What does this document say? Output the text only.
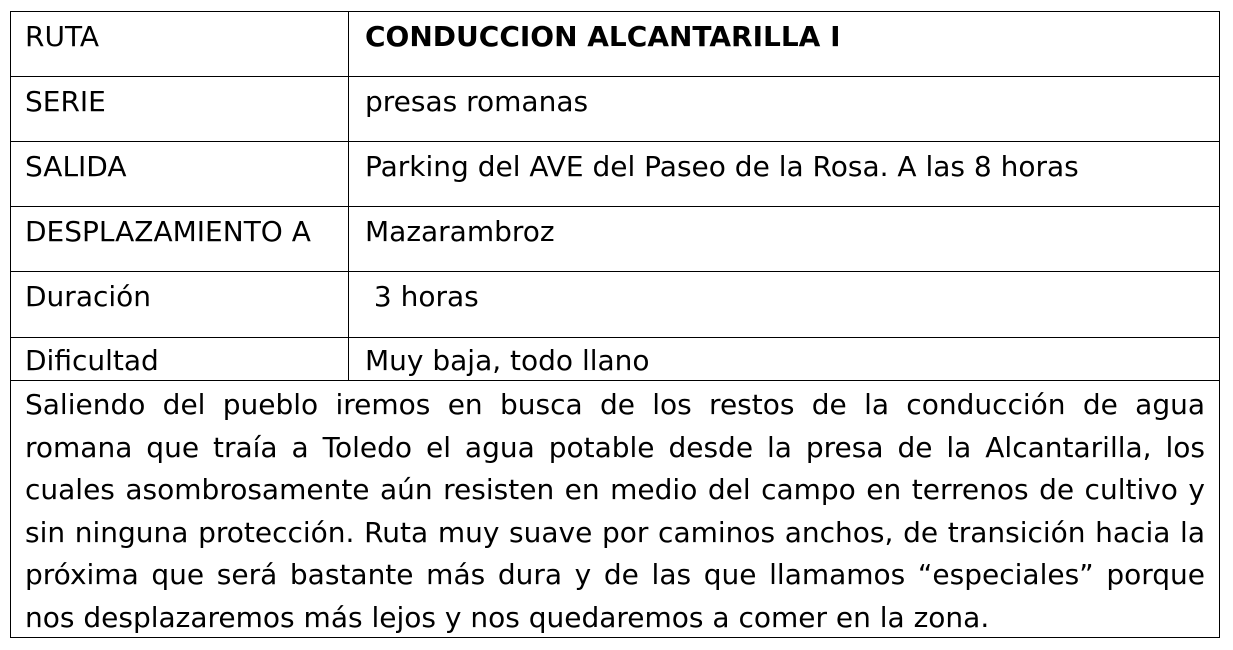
RUTA	CONDUCCION ALCANTARILLA I
SERIE	presas romanas
SALIDA	Parking del AVE del Paseo de la Rosa. A las 8 horas
DESPLAZAMIENTO A	Mazarambroz
Duración	3 horas
Dificultad	Muy baja, todo llano
Saliendo del pueblo iremos en busca de los restos de la conducción de agua romana que traía a Toledo el agua potable desde la presa de la Alcantarilla, los cuales asombrosamente aún resisten en medio del campo en terrenos de cultivo y sin ninguna protección. Ruta muy suave por caminos anchos, de transición hacia la próxima que será bastante más dura y de las que llamamos “especiales” porque nos desplazaremos más lejos y nos quedaremos a comer en la zona.
